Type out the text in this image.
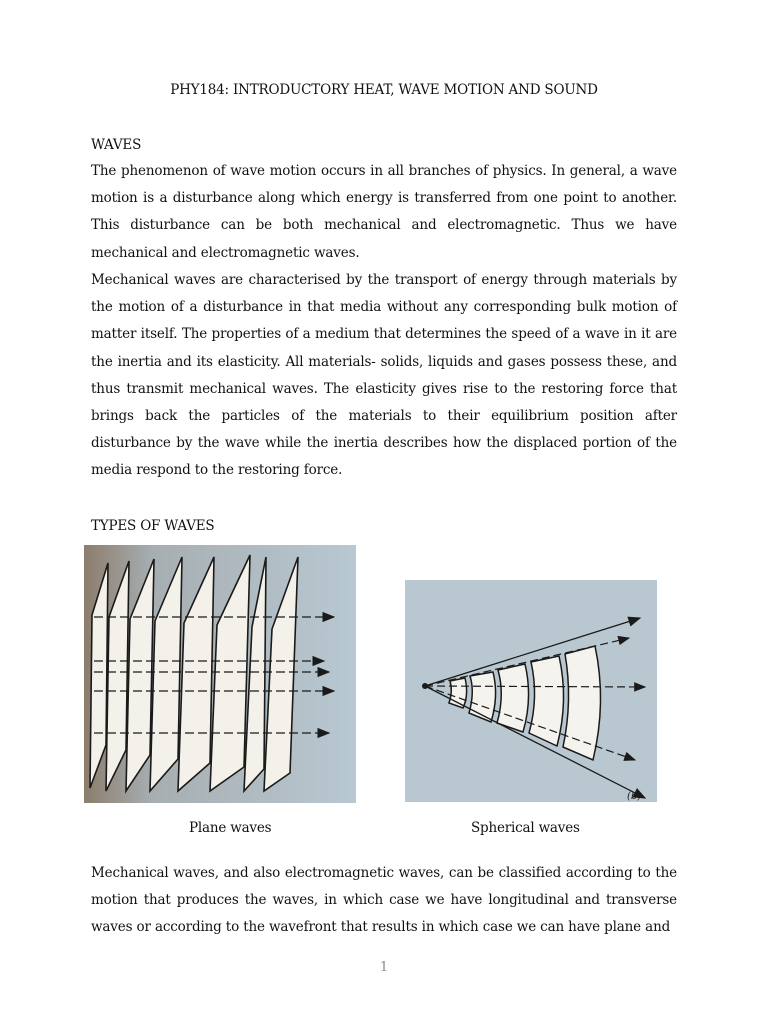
PHY184: INTRODUCTORY HEAT, WAVE MOTION AND SOUND
WAVES
The phenomenon of wave motion occurs in all branches of physics. In general, a wave motion is a disturbance along which energy is transferred from one point to another. This disturbance can be both mechanical and electromagnetic. Thus we have mechanical and electromagnetic waves.
Mechanical waves are characterised by the transport of energy through materials by the motion of a disturbance in that media without any corresponding bulk motion of matter itself. The properties of a medium that determines the speed of a wave in it are the inertia and its elasticity. All materials- solids, liquids and gases possess these, and thus transmit mechanical waves. The elasticity gives rise to the restoring force that brings back the particles of the materials to their equilibrium position after disturbance by the wave while the inertia describes how the displaced portion of the media respond to the restoring force.
TYPES OF WAVES
(b)
Plane waves	Spherical waves
Mechanical waves, and also electromagnetic waves, can be classified according to the motion that produces the waves, in which case we have longitudinal and transverse waves or according to the wavefront that results in which case we can have plane and
1
